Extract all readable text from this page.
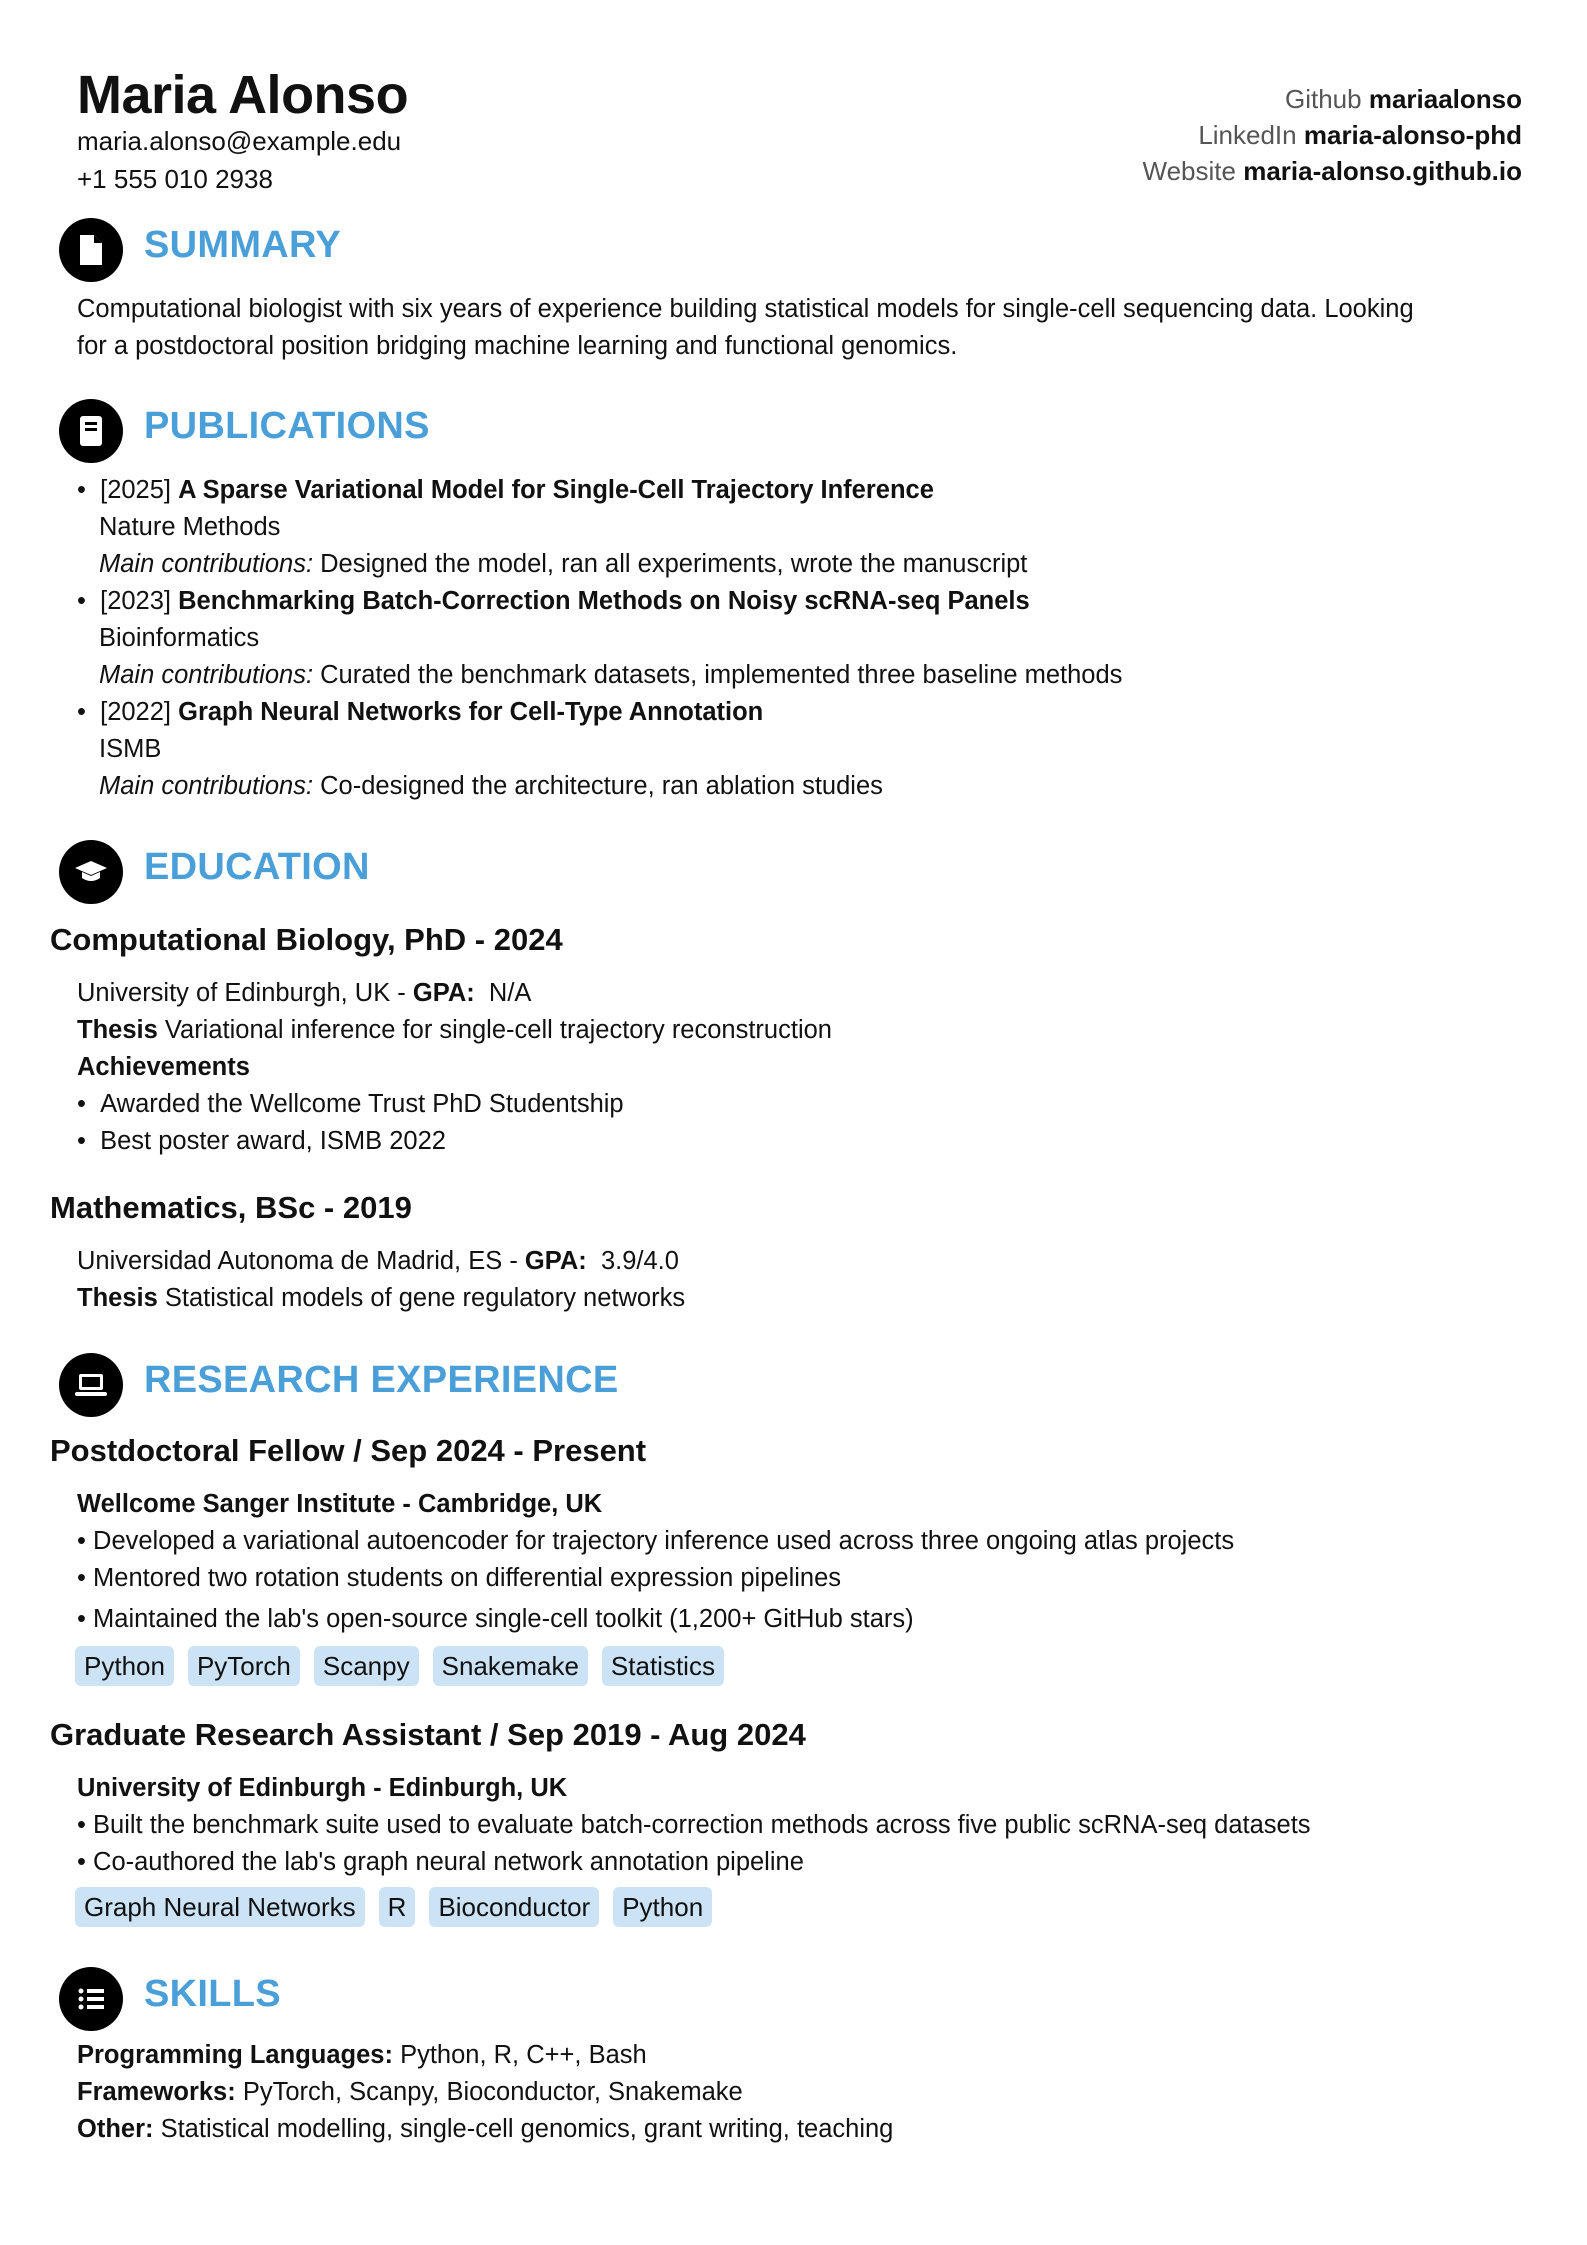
Maria Alonso
maria.alonso@example.edu
+1 555 010 2938
Github mariaalonso
LinkedIn maria-alonso-phd
Website maria-alonso.github.io
SUMMARY
Computational biologist with six years of experience building statistical models for single-cell sequencing data. Looking
for a postdoctoral position bridging machine learning and functional genomics.
PUBLICATIONS
• [2025] A Sparse Variational Model for Single-Cell Trajectory Inference
Nature Methods
Main contributions: Designed the model, ran all experiments, wrote the manuscript
• [2023] Benchmarking Batch-Correction Methods on Noisy scRNA-seq Panels
Bioinformatics
Main contributions: Curated the benchmark datasets, implemented three baseline methods
• [2022] Graph Neural Networks for Cell-Type Annotation
ISMB
Main contributions: Co-designed the architecture, ran ablation studies
EDUCATION
Computational Biology, PhD - 2024
University of Edinburgh, UK - GPA: N/A
Thesis Variational inference for single-cell trajectory reconstruction
Achievements
• Awarded the Wellcome Trust PhD Studentship
• Best poster award, ISMB 2022
Mathematics, BSc - 2019
Universidad Autonoma de Madrid, ES - GPA: 3.9/4.0
Thesis Statistical models of gene regulatory networks
RESEARCH EXPERIENCE
Postdoctoral Fellow / Sep 2024 - Present
Wellcome Sanger Institute - Cambridge, UK
• Developed a variational autoencoder for trajectory inference used across three ongoing atlas projects
• Mentored two rotation students on differential expression pipelines
• Maintained the lab's open-source single-cell toolkit (1,200+ GitHub stars)
Python	PyTorch	Scanpy	Snakemake	Statistics
Graduate Research Assistant / Sep 2019 - Aug 2024
University of Edinburgh - Edinburgh, UK
• Built the benchmark suite used to evaluate batch-correction methods across five public scRNA-seq datasets
• Co-authored the lab's graph neural network annotation pipeline
Graph Neural Networks	R	Bioconductor	Python
SKILLS
Programming Languages: Python, R, C++, Bash
Frameworks: PyTorch, Scanpy, Bioconductor, Snakemake
Other: Statistical modelling, single-cell genomics, grant writing, teaching
